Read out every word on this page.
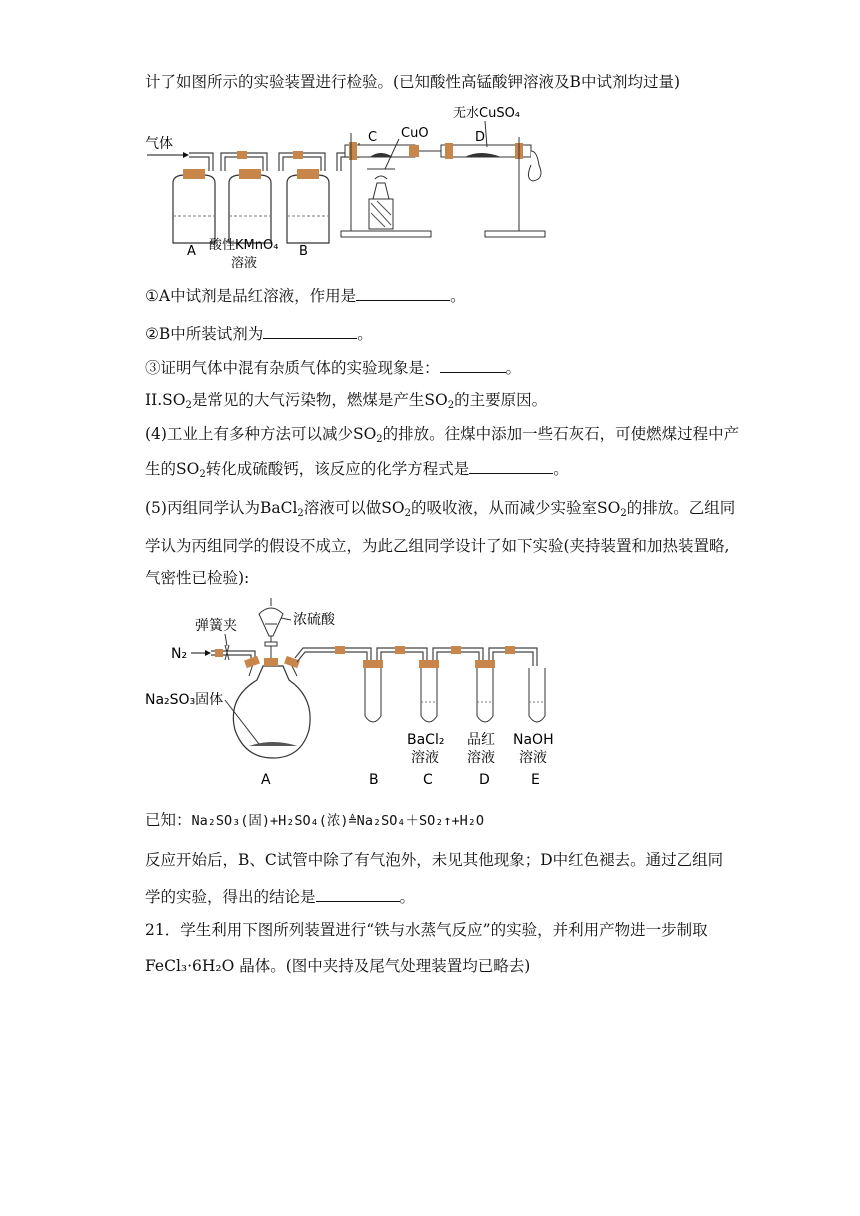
计了如图所示的实验装置进行检验。(已知酸性高锰酸钾溶液及B中试剂均过量)
气体
A 酸性KMnO₄
溶液
B
C CuO	D
无水CuSO₄
①A中试剂是品红溶液，作用是	。
②B中所装试剂为	。
③证明气体中混有杂质气体的实验现象是：	。
$II.SO_2$是常见的大气污染物，燃煤是产生$SO_2$的主要原因。
(4)工业上有多种方法可以减少$SO_2$的排放。往煤中添加一些石灰石，可使燃煤过程中产
生的$SO_2$转化成硫酸钙，该反应的化学方程式是	。
(5)丙组同学认为BaCl$_2$溶液可以做$SO_2$的吸收液，从而减少实验室$SO_2$的排放。乙组同
学认为丙组同学的假设不成立，为此乙组同学设计了如下实验(夹持装置和加热装置略,
气密性已检验):
N₂
弹簧夹	浓硫酸
Na₂SO₃固体
BaCl₂
溶液
品红
溶液
NaOH
溶液
A	B	C	D	E
已知：Na₂SO₃(固)+H₂SO₄(浓)≜Na₂SO₄＋SO₂↑+H₂O
反应开始后，B、C试管中除了有气泡外，未见其他现象；D中红色褪去。通过乙组同
学的实验，得出的结论是	。
21．学生利用下图所列装置进行“铁与水蒸气反应”的实验，并利用产物进一步制取
FeCl₃·6H₂O 晶体。(图中夹持及尾气处理装置均已略去)
